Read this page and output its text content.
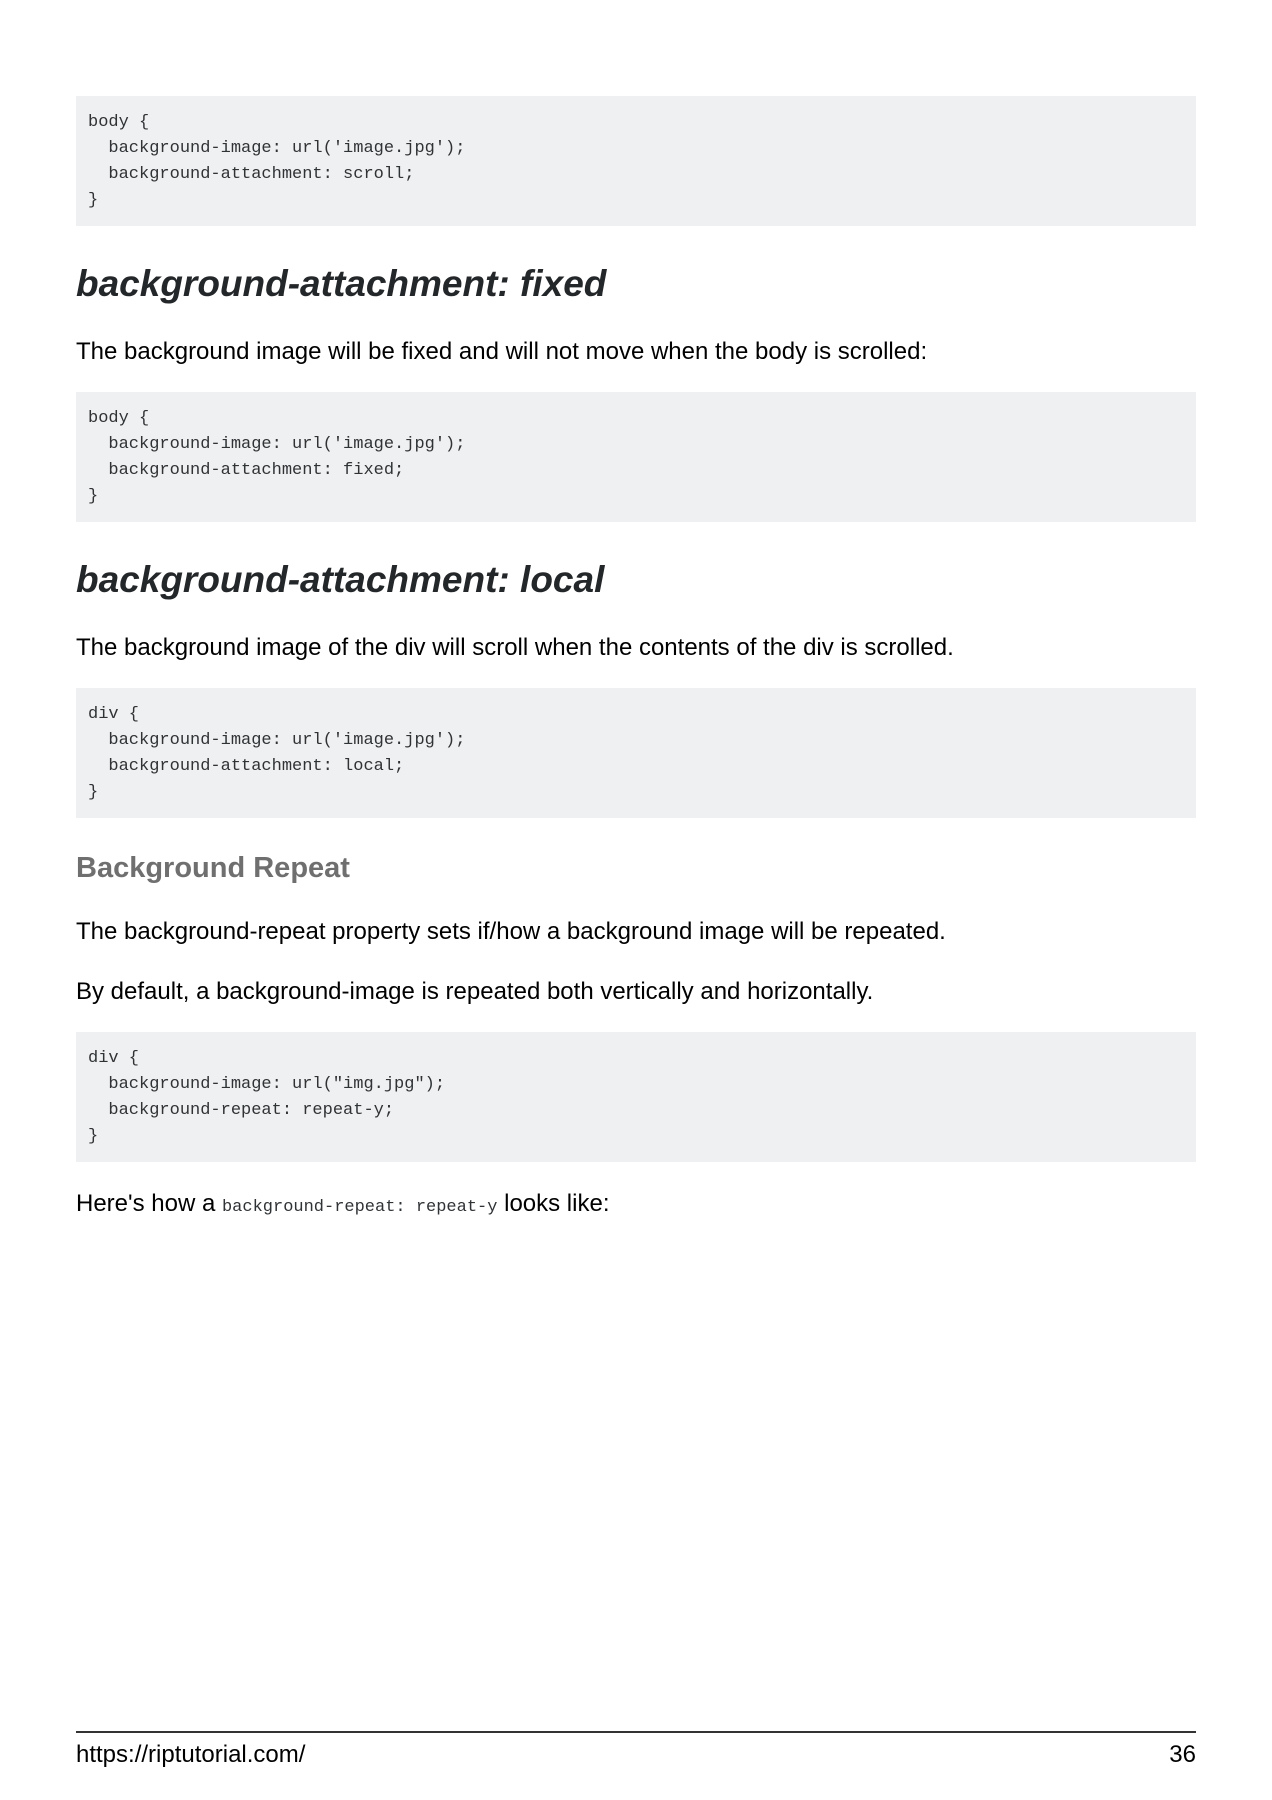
body {
background-image: url('image.jpg');
background-attachment: scroll;
}
background-attachment: fixed

The background image will be fixed and will not move when the body is scrolled:

body {
background-image: url('image.jpg');
background-attachment: fixed;
}
background-attachment: local

The background image of the div will scroll when the contents of the div is scrolled.

div {
background-image: url('image.jpg');
background-attachment: local;
}
Background Repeat

The background-repeat property sets if/how a background image will be repeated.

By default, a background-image is repeated both vertically and horizontally.

div {
background-image: url("img.jpg");
background-repeat: repeat-y;
}

Here's how a background-repeat: repeat-y looks like:

https://riptutorial.com/	36
